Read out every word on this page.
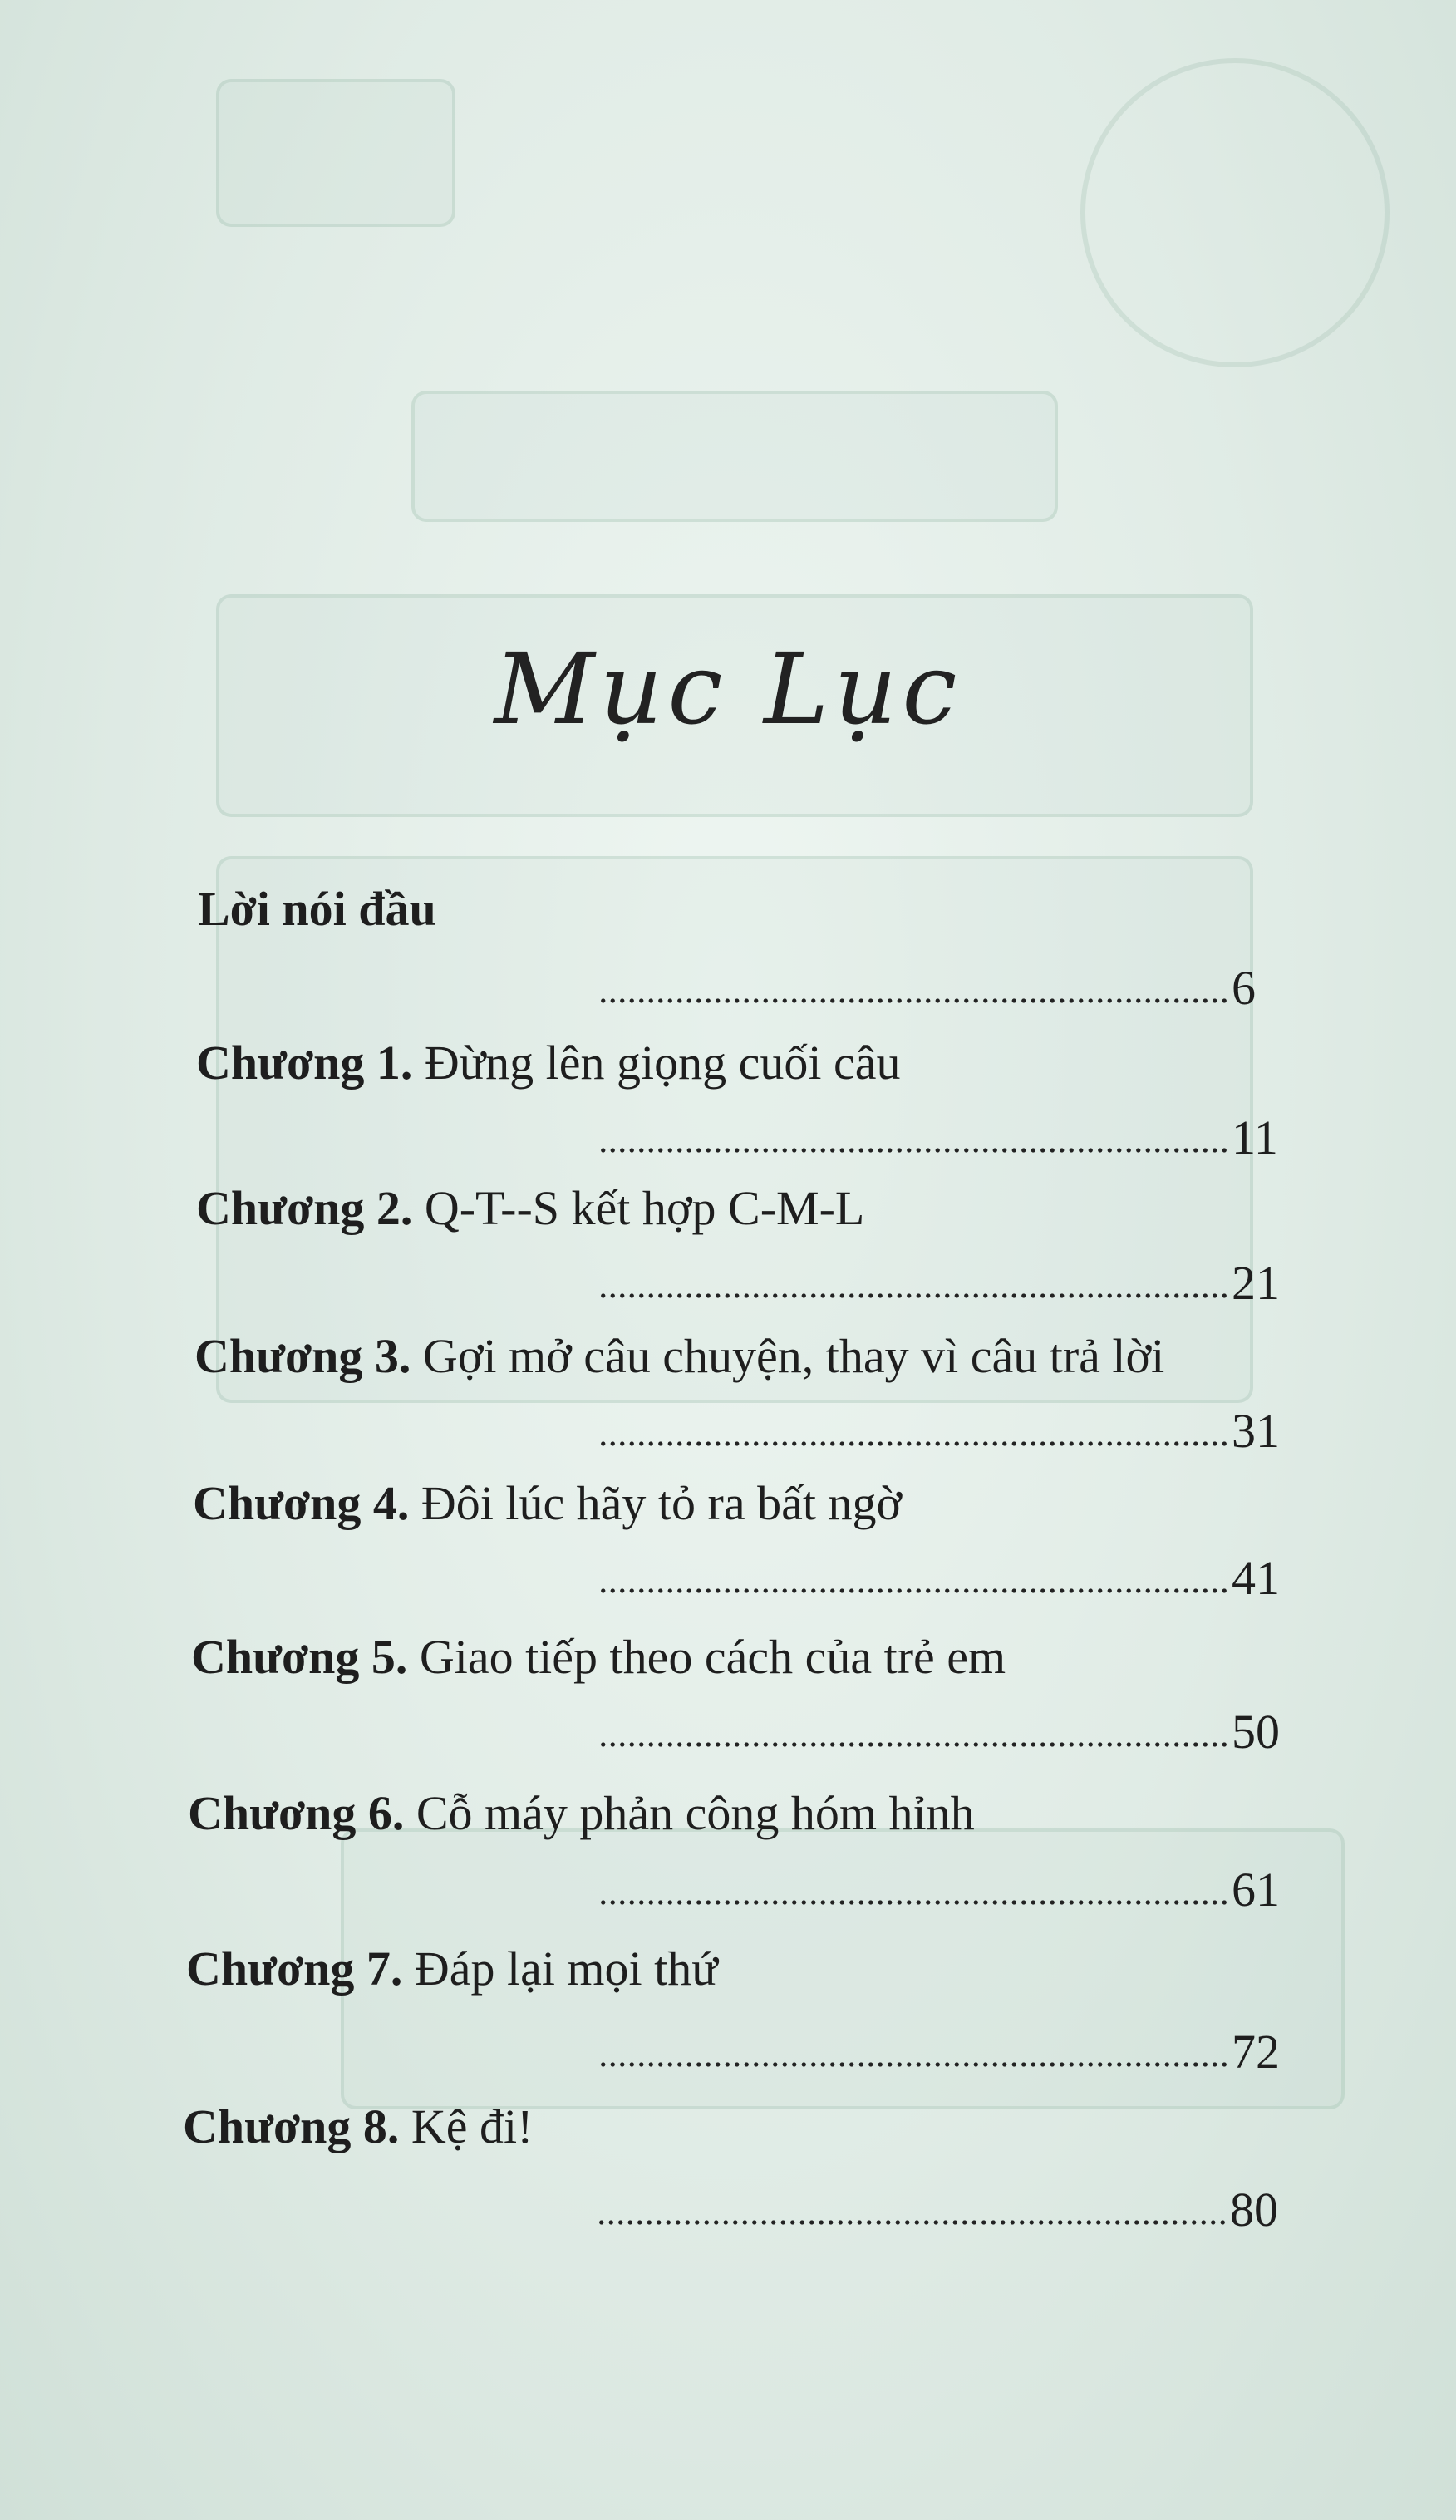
Mục Lục
Lời nói đầu
6
Chương 1. Đừng lên giọng cuối câu
11
Chương 2. Q-T--S kết hợp C-M-L
21
Chương 3. Gợi mở câu chuyện, thay vì câu trả lời
31
Chương 4. Đôi lúc hãy tỏ ra bất ngờ
41
Chương 5. Giao tiếp theo cách của trẻ em
50
Chương 6. Cỗ máy phản công hóm hỉnh
61
Chương 7. Đáp lại mọi thứ
72
Chương 8. Kệ đi!
80
